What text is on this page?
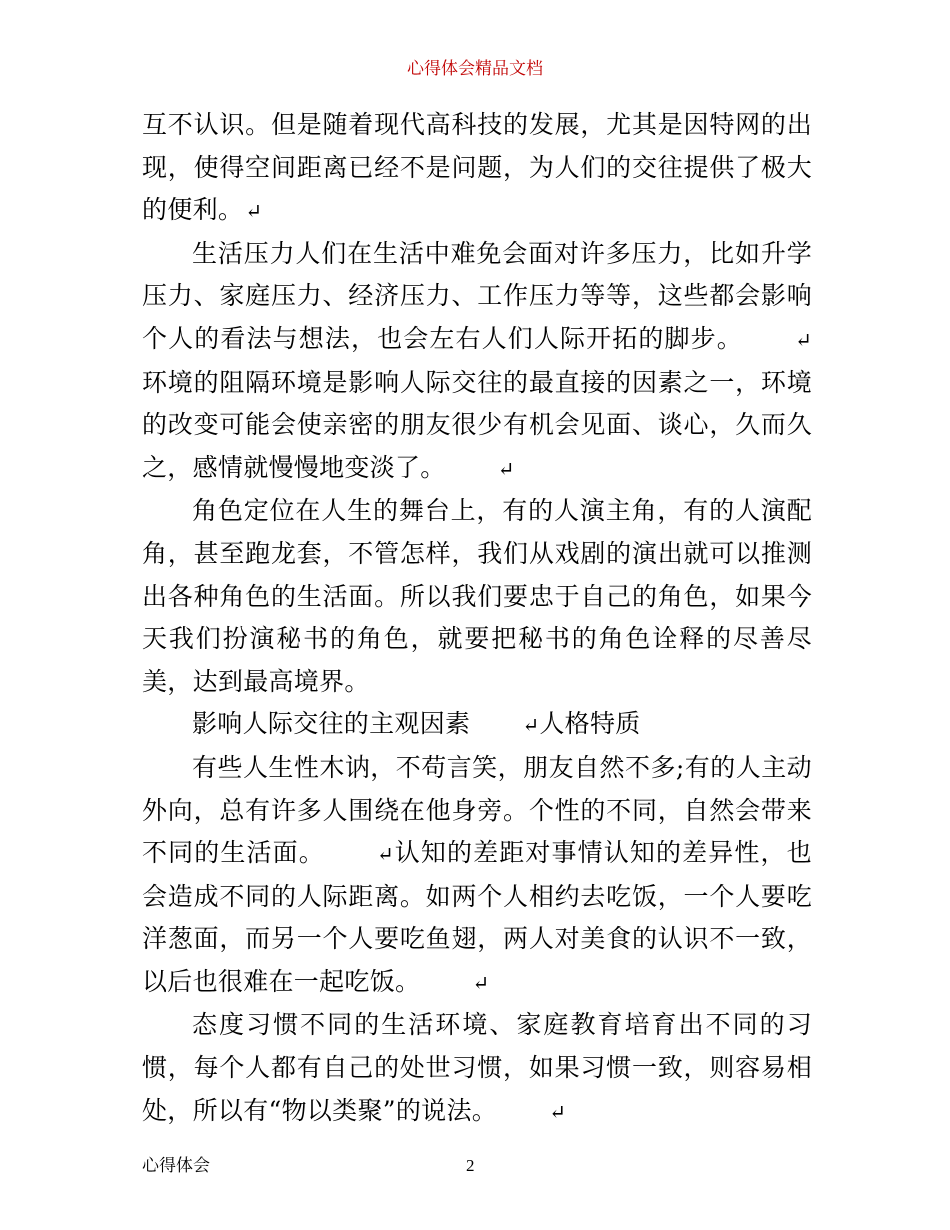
心得体会精品文档

互不认识。但是随着现代高科技的发展，尤其是因特网的出现，使得空间距离已经不是问题，为人们的交往提供了极大的便利。 ↵

生活压力人们在生活中难免会面对许多压力，比如升学压力、家庭压力、经济压力、工作压力等等，这些都会影响个人的看法与想法，也会左右人们人际开拓的脚步。	↵环境的阻隔环境是影响人际交往的最直接的因素之一，环境的改变可能会使亲密的朋友很少有机会见面、谈心，久而久之，感情就慢慢地变淡了。	↵

角色定位在人生的舞台上，有的人演主角，有的人演配角，甚至跑龙套，不管怎样，我们从戏剧的演出就可以推测出各种角色的生活面。所以我们要忠于自己的角色，如果今天我们扮演秘书的角色，就要把秘书的角色诠释的尽善尽美，达到最高境界。

影响人际交往的主观因素	↵人格特质

有些人生性木讷，不苟言笑，朋友自然不多;有的人主动外向，总有许多人围绕在他身旁。个性的不同，自然会带来不同的生活面。	↵认知的差距对事情认知的差异性，也会造成不同的人际距离。如两个人相约去吃饭，一个人要吃洋葱面，而另一个人要吃鱼翅，两人对美食的认识不一致，以后也很难在一起吃饭。	↵

态度习惯不同的生活环境、家庭教育培育出不同的习惯，每个人都有自己的处世习惯，如果习惯一致，则容易相处，所以有“物以类聚”的说法。	↵

心得体会	2
